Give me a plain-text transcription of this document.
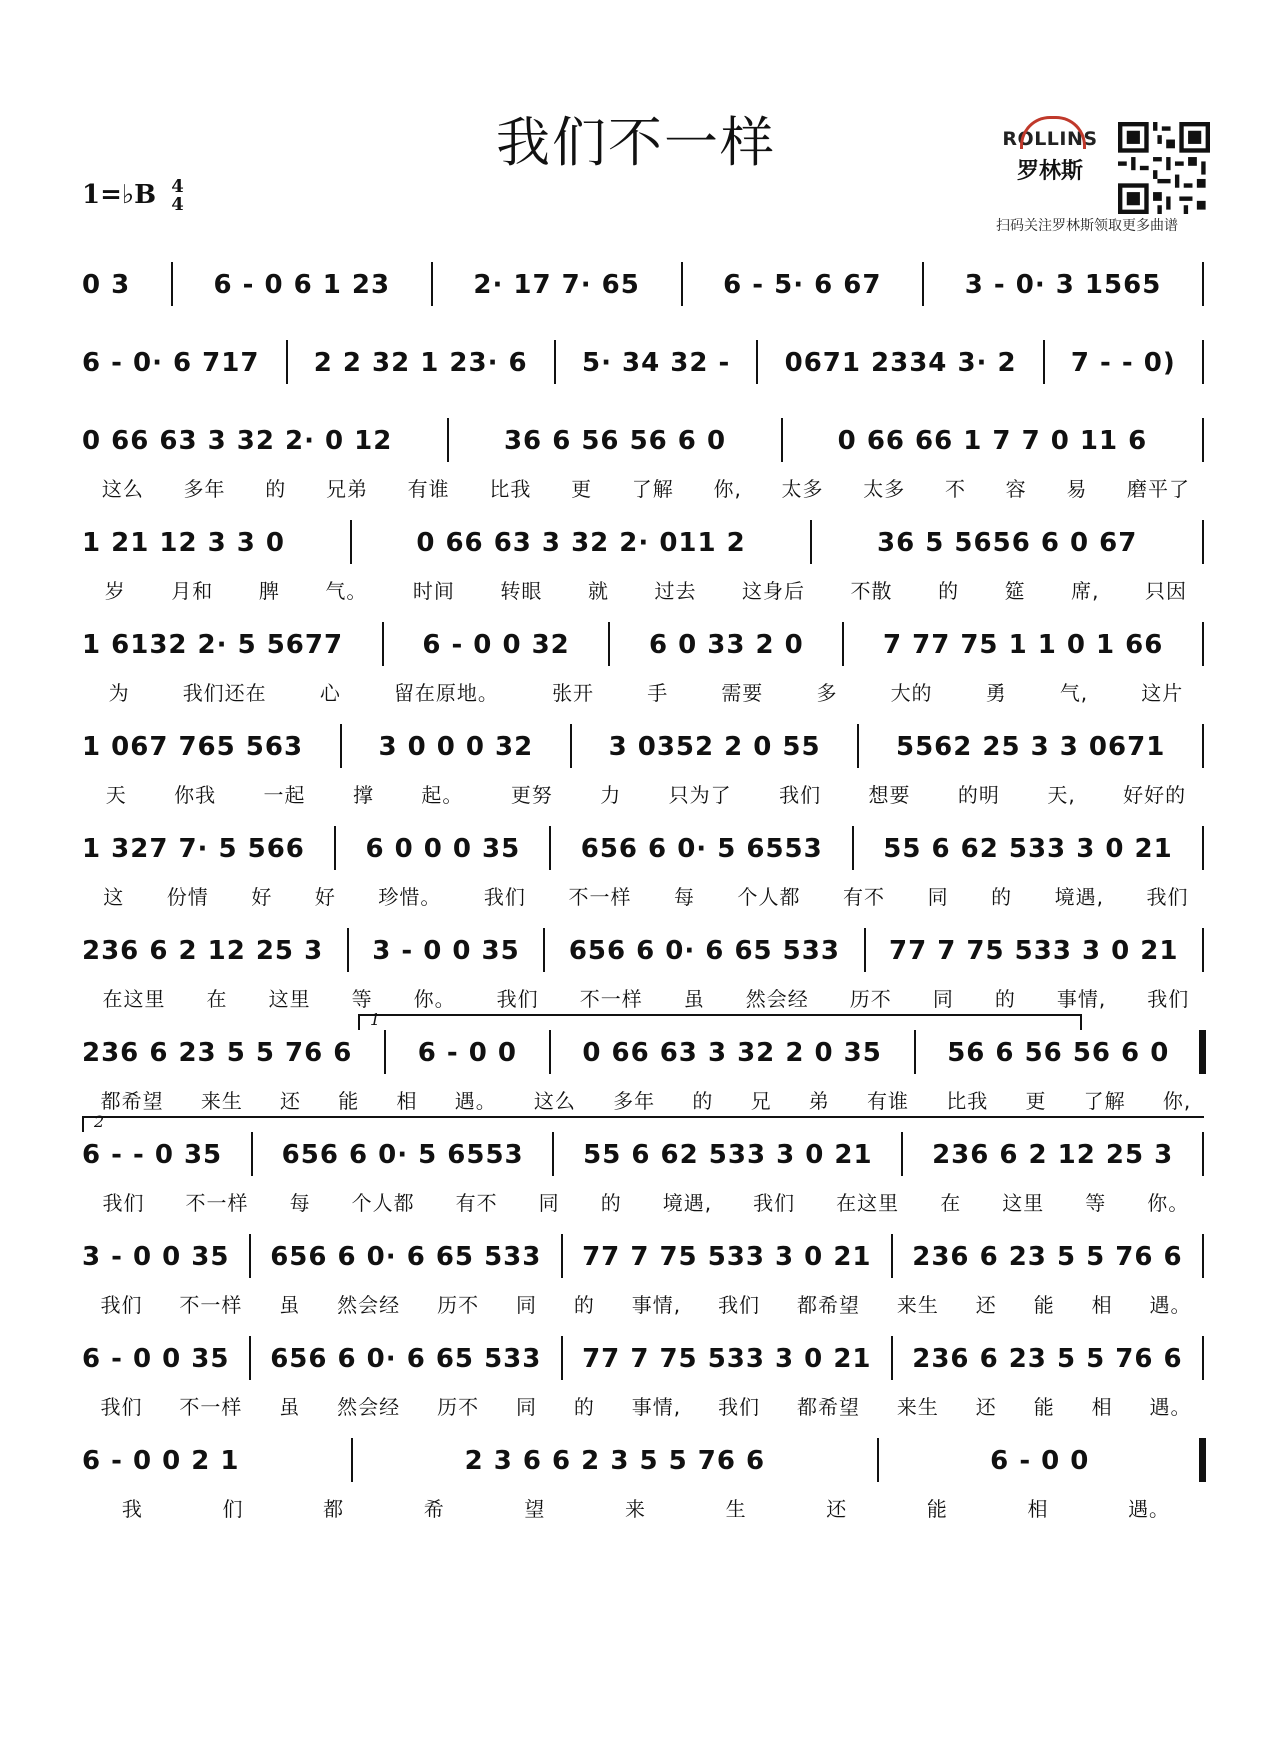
我们不一样
1=♭B 4
4
ROLLINS
罗林斯
扫码关注罗林斯领取更多曲谱
0 3	6 - 0 6 1 23	2· 17 7· 65	6 - 5· 6 67	3 - 0· 3 1565
6 - 0· 6 717 2 2 32 1 23· 6 5· 34 32 - 0671 2334 3· 2 7 - - 0)
0 66 63 3 32 2· 0 12	36 6 56 56 6 0	0 66 66 1 7 7 0 11 6
这么 多年 的 兄弟 有谁 比我 更 了解 你, 太多 太多 不 容 易 磨平了
1 21 12 3 3 0	0 66 63 3 32 2· 011 2	36 5 5656 6 0 67
岁 月和 脾 气。 时间 转眼 就 过去 这身后 不散 的 筵 席, 只因
1 6132 2· 5 5677	6 - 0 0 32	6 0 33 2 0	7 77 75 1 1 0 1 66
为	我们还在	心	留在原地。	张开	手	需要	多	大的	勇	气,	这片
1 067 765 563	3 0 0 0 32	3 0352 2 0 55	5562 25 3 3 0671
天 你我 一起 撑 起。 更努 力 只为了 我们 想要 的明 天, 好好的
1 327 7· 5 566 6 0 0 0 35 656 6 0· 5 6553 55 6 62 533 3 0 21
这 份情 好 好 珍惜。 我们 不一样 每 个人都 有不 同 的 境遇, 我们
236 6 2 12 25 3 3 - 0 0 35 656 6 0· 6 65 533 77 7 75 533 3 0 21
在这里 在 这里 等 你。 我们 不一样 虽 然会经 历不 同 的 事情, 我们
1
236 6 23 5 5 76 6	6 - 0 0	0 66 63 3 32 2 0 35	56 6 56 56 6 0
都希望 来生 还 能 相 遇。 这么 多年 的 兄 弟 有谁 比我 更 了解 你,
2
6 - - 0 35 656 6 0· 5 6553 55 6 62 533 3 0 21 236 6 2 12 25 3
我们 不一样 每 个人都 有不 同 的 境遇, 我们 在这里 在 这里 等 你。
3 - 0 0 35 656 6 0· 6 65 533 77 7 75 533 3 0 21 236 6 23 5 5 76 6
我们 不一样 虽 然会经 历不 同 的 事情, 我们 都希望 来生 还 能 相 遇。
6 - 0 0 35 656 6 0· 6 65 533 77 7 75 533 3 0 21 236 6 23 5 5 76 6
我们 不一样 虽 然会经 历不 同 的 事情, 我们 都希望 来生 还 能 相 遇。
6 - 0 0 2 1	2 3 6 6 2 3 5 5 76 6	6 - 0 0
我	们	都	希	望	来	生	还	能	相	遇。
